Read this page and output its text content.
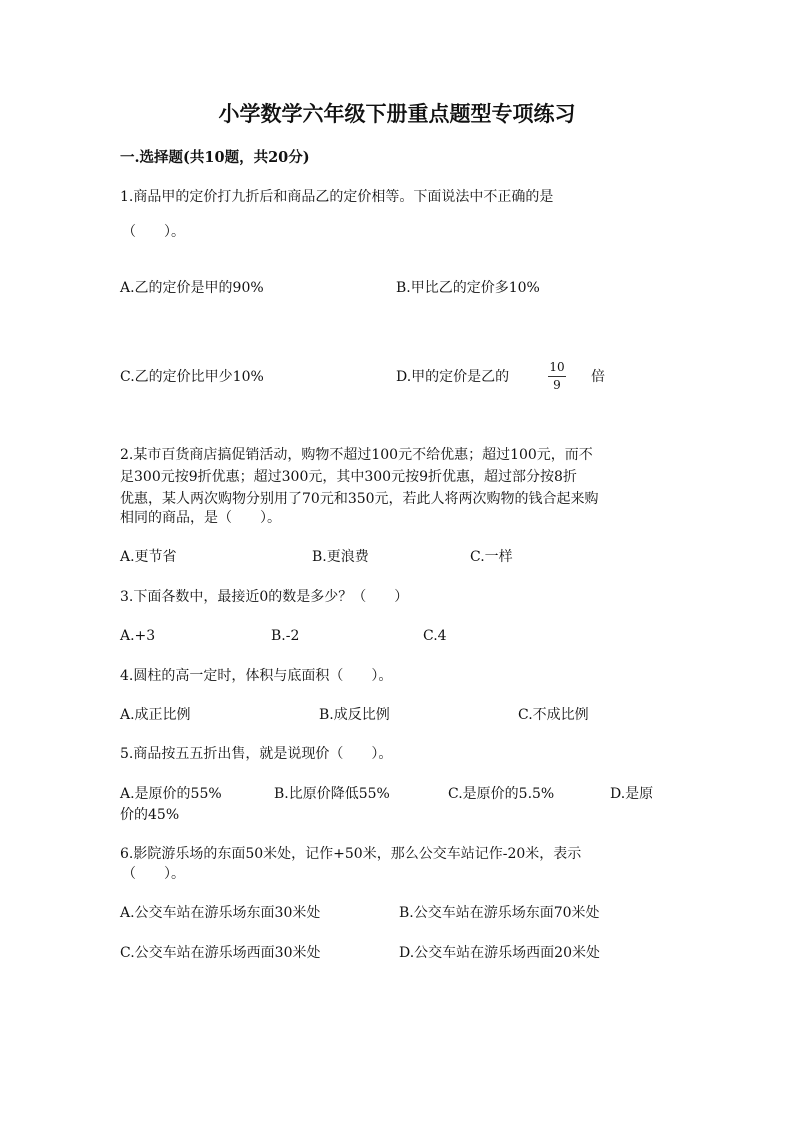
小学数学六年级下册重点题型专项练习
一.选择题(共10题，共20分)
1.商品甲的定价打九折后和商品乙的定价相等。下面说法中不正确的是
（　　）。
A.乙的定价是甲的90%	B.甲比乙的定价多10%
C.乙的定价比甲少10%	D.甲的定价是乙的
10
9	倍
2.某市百货商店搞促销活动，购物不超过100元不给优惠；超过100元，而不
足300元按9折优惠；超过300元，其中300元按9折优惠，超过部分按8折
优惠，某人两次购物分别用了70元和350元，若此人将两次购物的钱合起来购
相同的商品，是（　　）。
A.更节省	B.更浪费	C.一样
3.下面各数中，最接近0的数是多少？（　　）
A.+3	B.-2	C.4
4.圆柱的高一定时，体积与底面积（　　）。
A.成正比例	B.成反比例	C.不成比例
5.商品按五五折出售，就是说现价（　　）。
A.是原价的55%	B.比原价降低55%	C.是原价的5.5%	D.是原
价的45%
6.影院游乐场的东面50米处，记作+50米，那么公交车站记作-20米，表示
（　　）。
A.公交车站在游乐场东面30米处	B.公交车站在游乐场东面70米处
C.公交车站在游乐场西面30米处	D.公交车站在游乐场西面20米处
